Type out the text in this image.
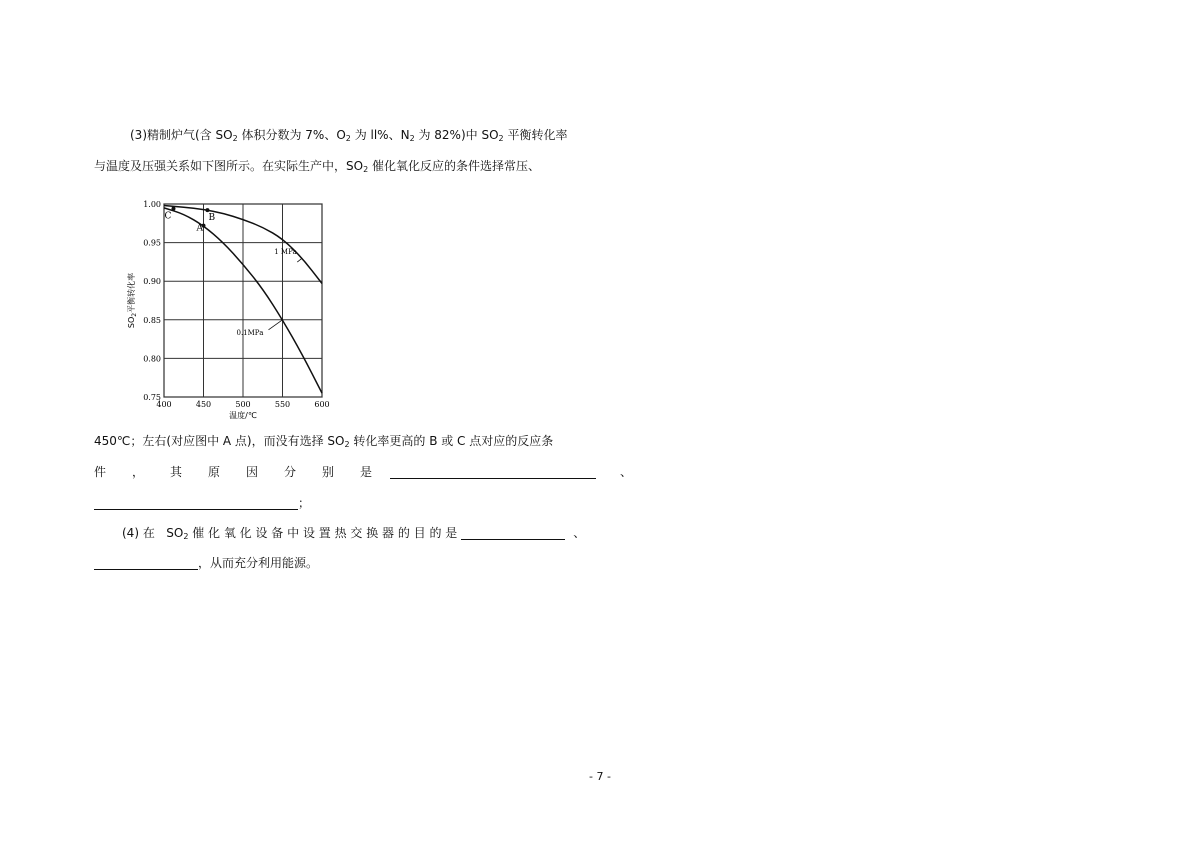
(3)精制炉气(含 $SO_2$ 体积分数为 7%、$O_2$ 为 ll%、$N_2$ 为 82%)中 $SO_2$ 平衡转化率
与温度及压强关系如下图所示。在实际生产中，$SO_2$ 催化氧化反应的条件选择常压、
400	450	500	550	600
0.75
0.80
0.85
0.90
0.95
1.00
1 MPa
0.1MPa
C	B
A
温度/℃
$SO_2$平衡转化率
450℃；左右(对应图中 A 点)，而没有选择 $SO_2$ 转化率更高的 B 或 C 点对应的反应条
件 ， 其 原 因 分 别 是	、
；
(4) 在   $SO_2$ 催 化 氧 化 设 备 中 设 置 热 交 换 器 的 目 的 是	、
，从而充分利用能源。
- 7 -
